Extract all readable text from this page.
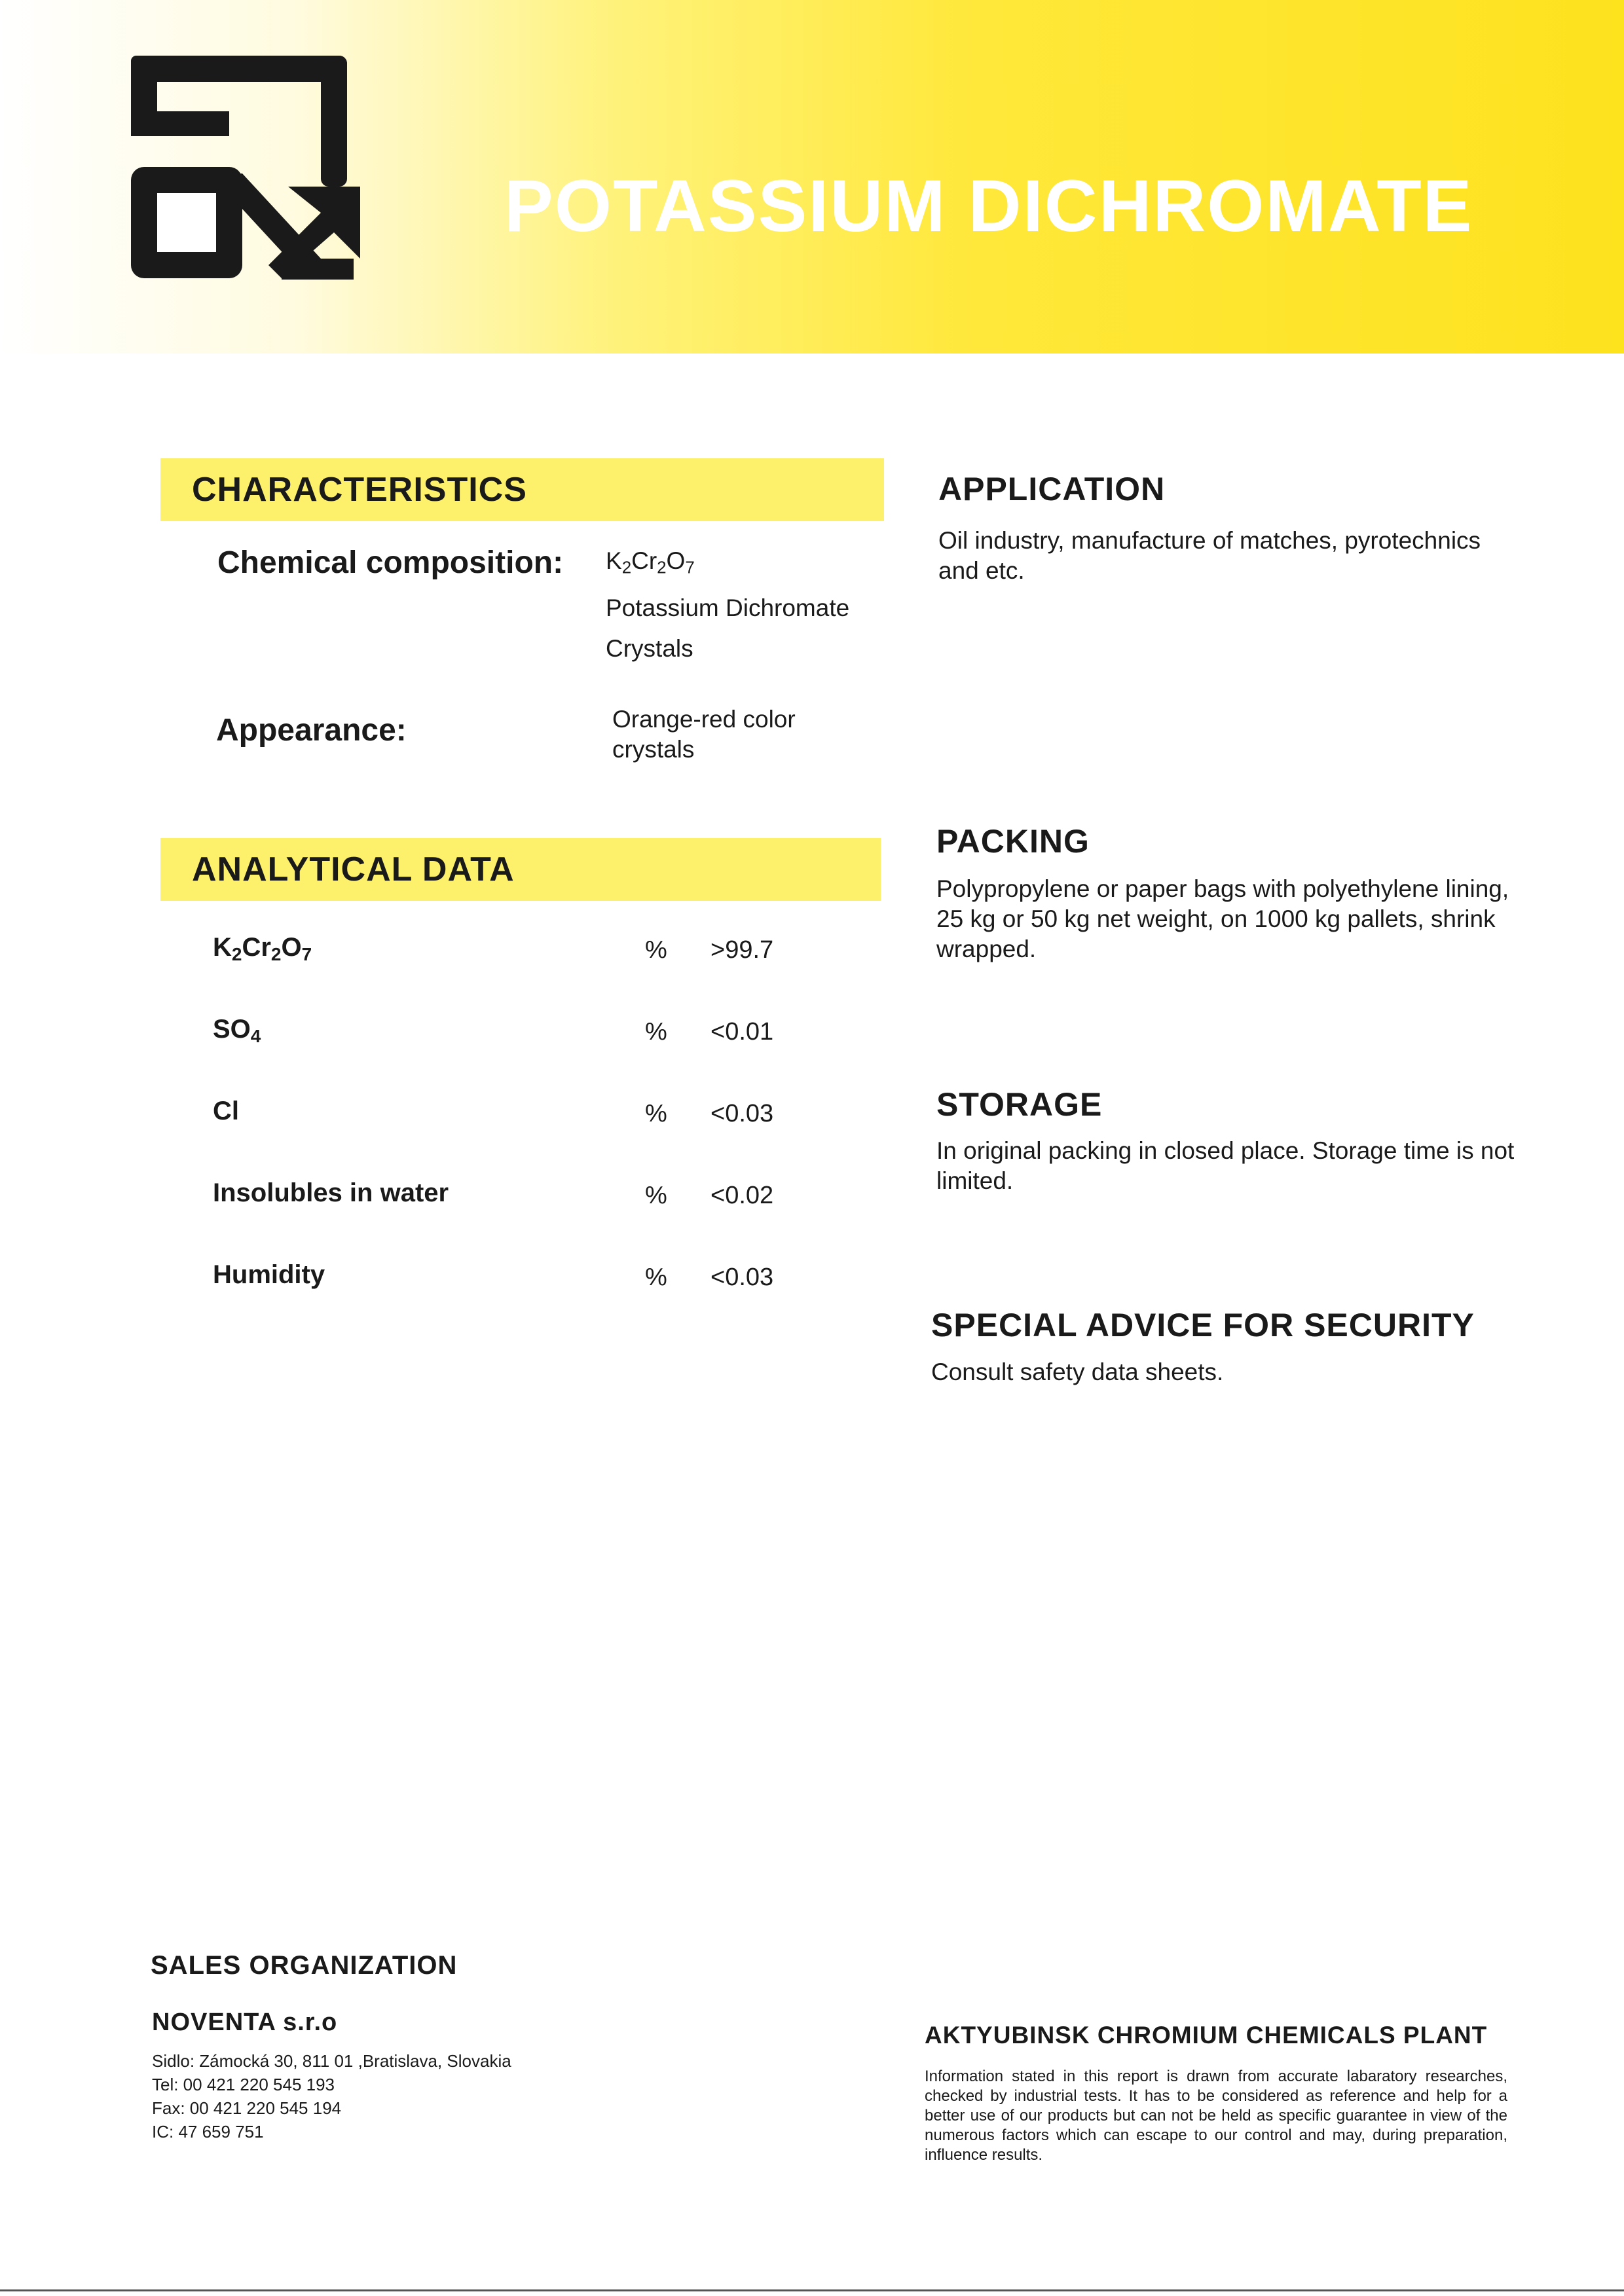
POTASSIUM DICHROMATE
CHARACTERISTICS
Chemical composition: $K_2Cr_2O_7$
Potassium Dichromate
Crystals
Appearance:	Orange-red color
crystals
ANALYTICAL DATA
$K_2Cr_2O_7$	% >99.7
$SO_4$	% <0.01
Cl	% <0.03
Insolubles in water	% <0.02
Humidity	% <0.03
APPLICATION
Oil industry, manufacture of matches, pyrotechnics and etc.
PACKING
Polypropylene or paper bags with polyethylene lining, 25 kg or 50 kg net weight, on 1000 kg pallets, shrink wrapped.
STORAGE
In original packing in closed place. Storage time is not limited.
SPECIAL ADVICE FOR SECURITY
Consult safety data sheets.
SALES ORGANIZATION
NOVENTA s.r.o
Sidlo: Zámocká 30, 811 01 ,Bratislava, Slovakia
Tel: 00 421 220 545 193
Fax: 00 421 220 545 194
IC: 47 659 751
AKTYUBINSK CHROMIUM CHEMICALS PLANT
Information stated in this report is drawn from accurate labaratory researches, checked by industrial tests. It has to be considered as reference and help for a better use of our products but can not be held as specific guarantee in view of the numerous factors which can escape to our control and may, during preparation, influence results.
